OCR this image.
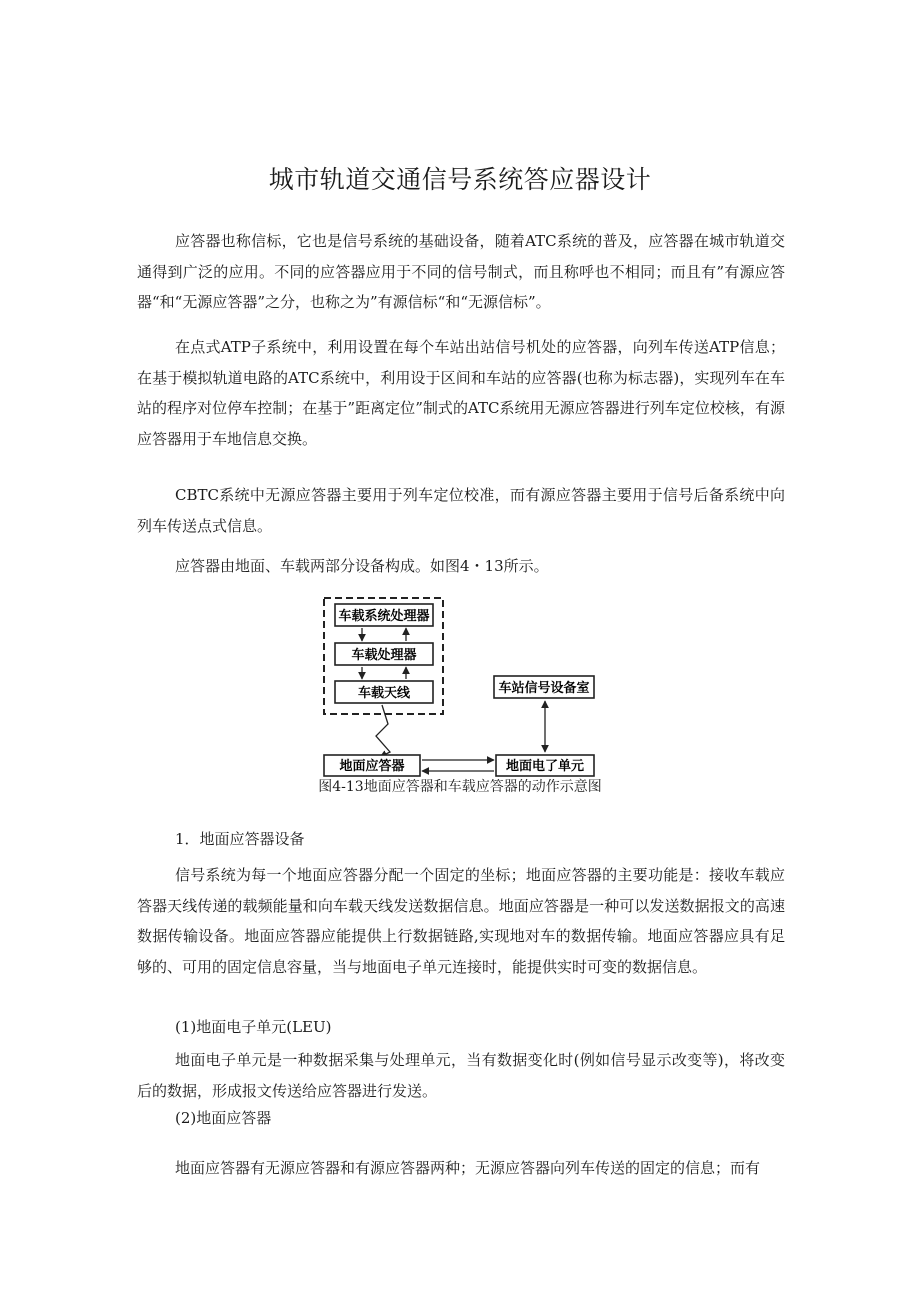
城市轨道交通信号系统答应器设计

应答器也称信标，它也是信号系统的基础设备，随着ATC系统的普及，应答器在城市轨道交通得到广泛的应用。不同的应答器应用于不同的信号制式，而且称呼也不相同；而且有”有源应答器“和“无源应答器”之分，也称之为”有源信标“和“无源信标”。

在点式ATP子系统中，利用设置在每个车站出站信号机处的应答器，向列车传送ATP信息；在基于模拟轨道电路的ATC系统中，利用设于区间和车站的应答器(也称为标志器)，实现列车在车站的程序对位停车控制；在基于”距离定位”制式的ATC系统用无源应答器进行列车定位校核，有源应答器用于车地信息交换。

CBTC系统中无源应答器主要用于列车定位校准，而有源应答器主要用于信号后备系统中向列车传送点式信息。

应答器由地面、车载两部分设备构成。如图4・13所示。

车载系统处理器
车载处理器
车载天线	车站信号设备室
地面应答器	地面电了单元
图4-13地面应答器和车载应答器的动作示意图

1．地面应答器设备

信号系统为每一个地面应答器分配一个固定的坐标；地面应答器的主要功能是：接收车载应答器天线传递的载频能量和向车载天线发送数据信息。地面应答器是一种可以发送数据报文的高速数据传输设备。地面应答器应能提供上行数据链路,实现地对车的数据传输。地面应答器应具有足够的、可用的固定信息容量，当与地面电子单元连接时，能提供实时可变的数据信息。

(1)地面电子单元(LEU)

地面电子单元是一种数据采集与处理单元，当有数据变化时(例如信号显示改变等)，将改变后的数据，形成报文传送给应答器进行发送。

(2)地面应答器

地面应答器有无源应答器和有源应答器两种；无源应答器向列车传送的固定的信息；而有
